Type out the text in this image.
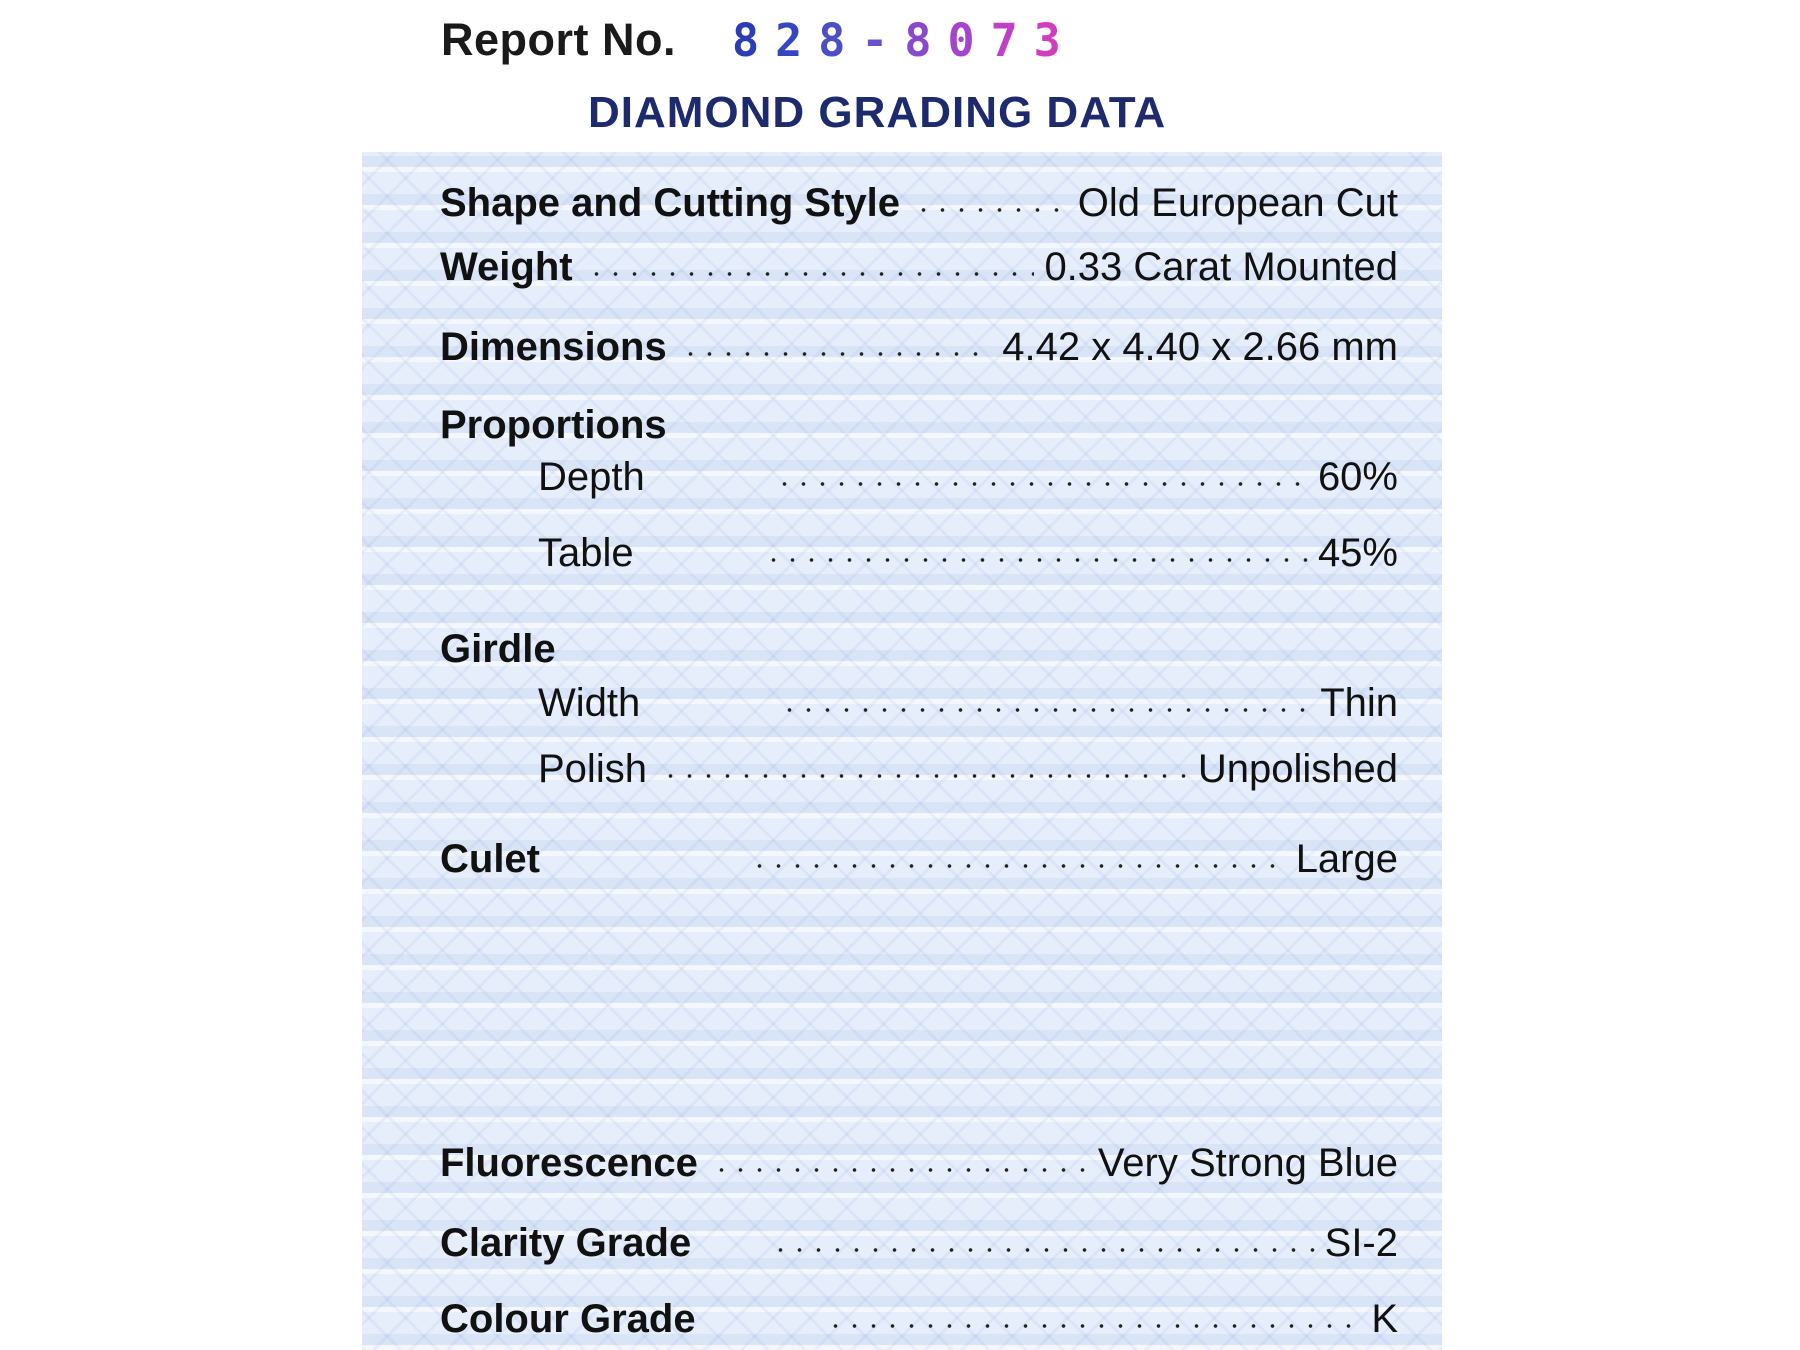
Report No. 828-8073
DIAMOND GRADING DATA
Shape and Cutting Style	Old European Cut
Weight	0.33 Carat Mounted
Dimensions	4.42 x 4.40 x 2.66 mm
Proportions
Depth	60%
Table	45%
Girdle
Width	Thin
Polish	Unpolished
Culet	Large
Fluorescence	Very Strong Blue
Clarity Grade	SI-2
Colour Grade	K
